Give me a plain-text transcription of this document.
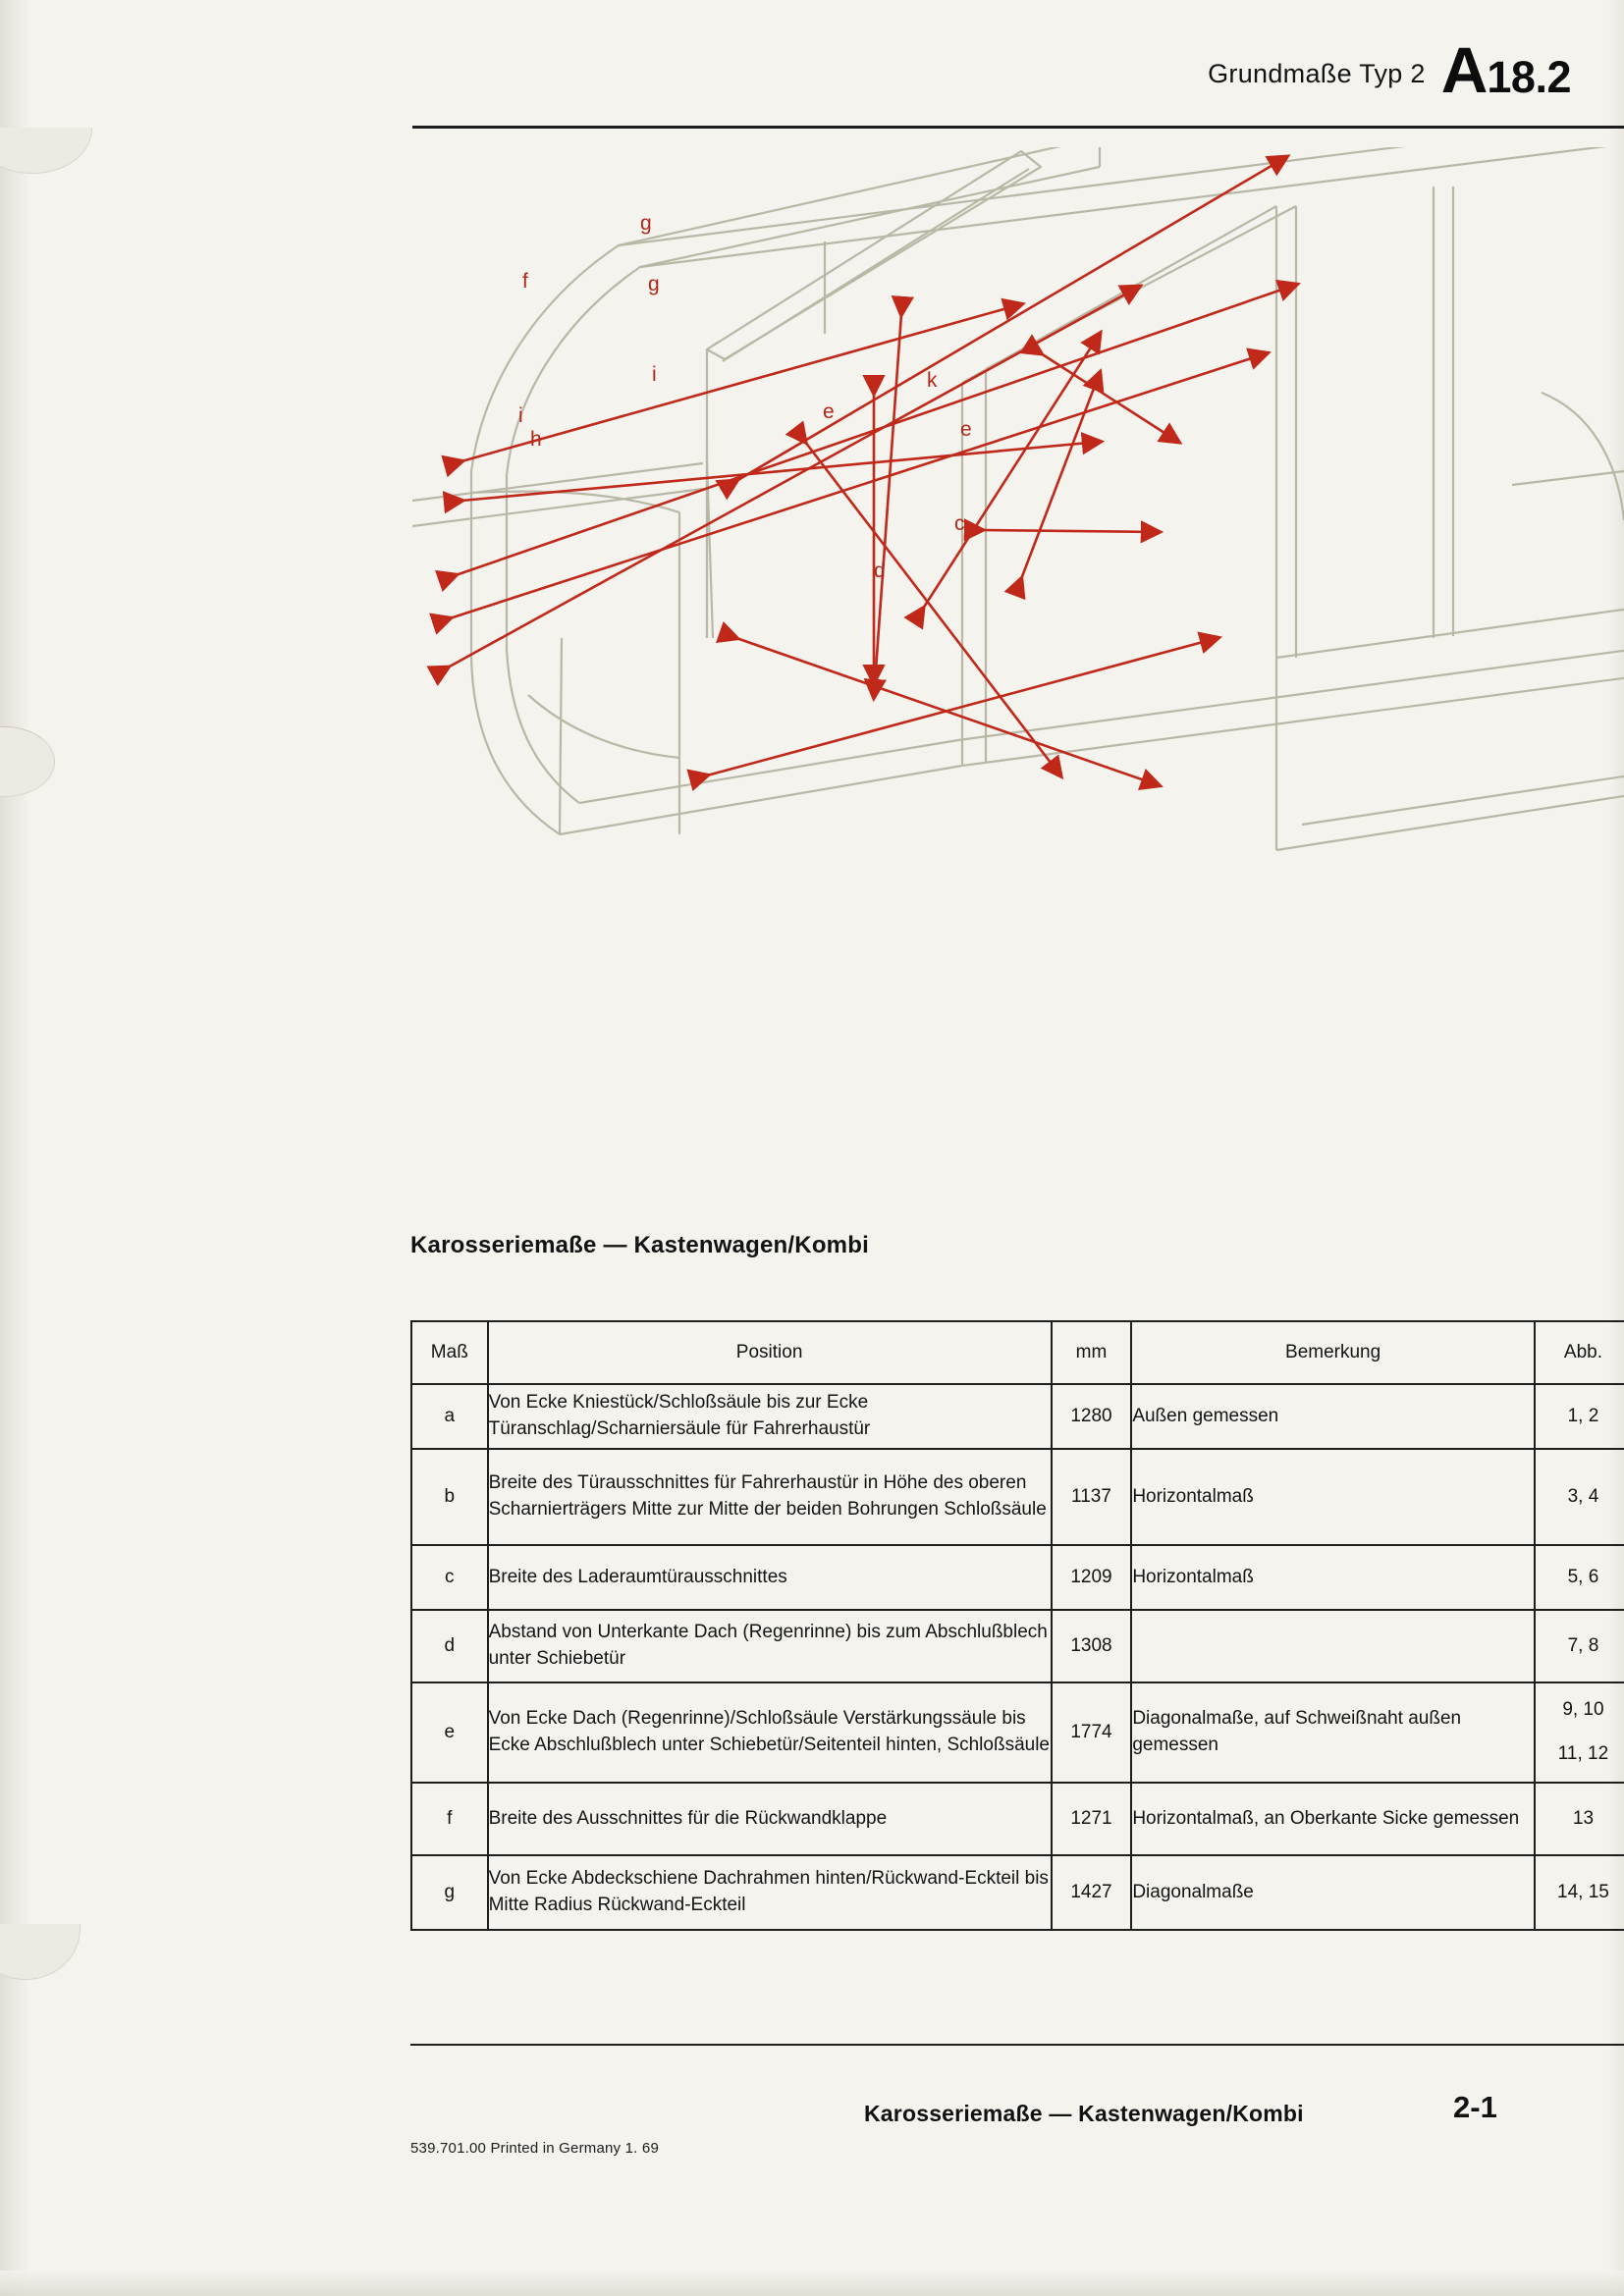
Grundmaße Typ 2 A 18.2
g
f	g
i
i
h
e
k
e
c
d
Karosseriemaße — Kastenwagen/Kombi
Maß	Position	mm	Bemerkung	Abb.
a	Von Ecke Kniestück/Schloßsäule bis zur Ecke Türanschlag/Scharniersäule für Fahrerhaustür	1280	Außen gemessen	1, 2
b	Breite des Türausschnittes für Fahrerhaustür in Höhe des oberen Scharnierträgers Mitte zur Mitte der beiden Bohrungen Schloßsäule	1137	Horizontalmaß	3, 4
c	Breite des Laderaumtürausschnittes	1209	Horizontalmaß	5, 6
d	Abstand von Unterkante Dach (Regenrinne) bis zum Abschlußblech unter Schiebetür	1308		7, 8
e	Von Ecke Dach (Regenrinne)/Schloßsäule Verstärkungssäule bis Ecke Abschlußblech unter Schiebetür/Seitenteil hinten, Schloßsäule	1774	Diagonalmaße, auf Schweißnaht außen gemessen	9, 10
11, 12

f	Breite des Ausschnittes für die Rückwandklappe	1271	Horizontalmaß, an Oberkante Sicke gemessen	13
g	Von Ecke Abdeckschiene Dachrahmen hinten/Rückwand-Eckteil bis Mitte Radius Rückwand-Eckteil	1427	Diagonalmaße	14, 15
Karosseriemaße — Kastenwagen/Kombi	2-1
539.701.00 Printed in Germany 1. 69
